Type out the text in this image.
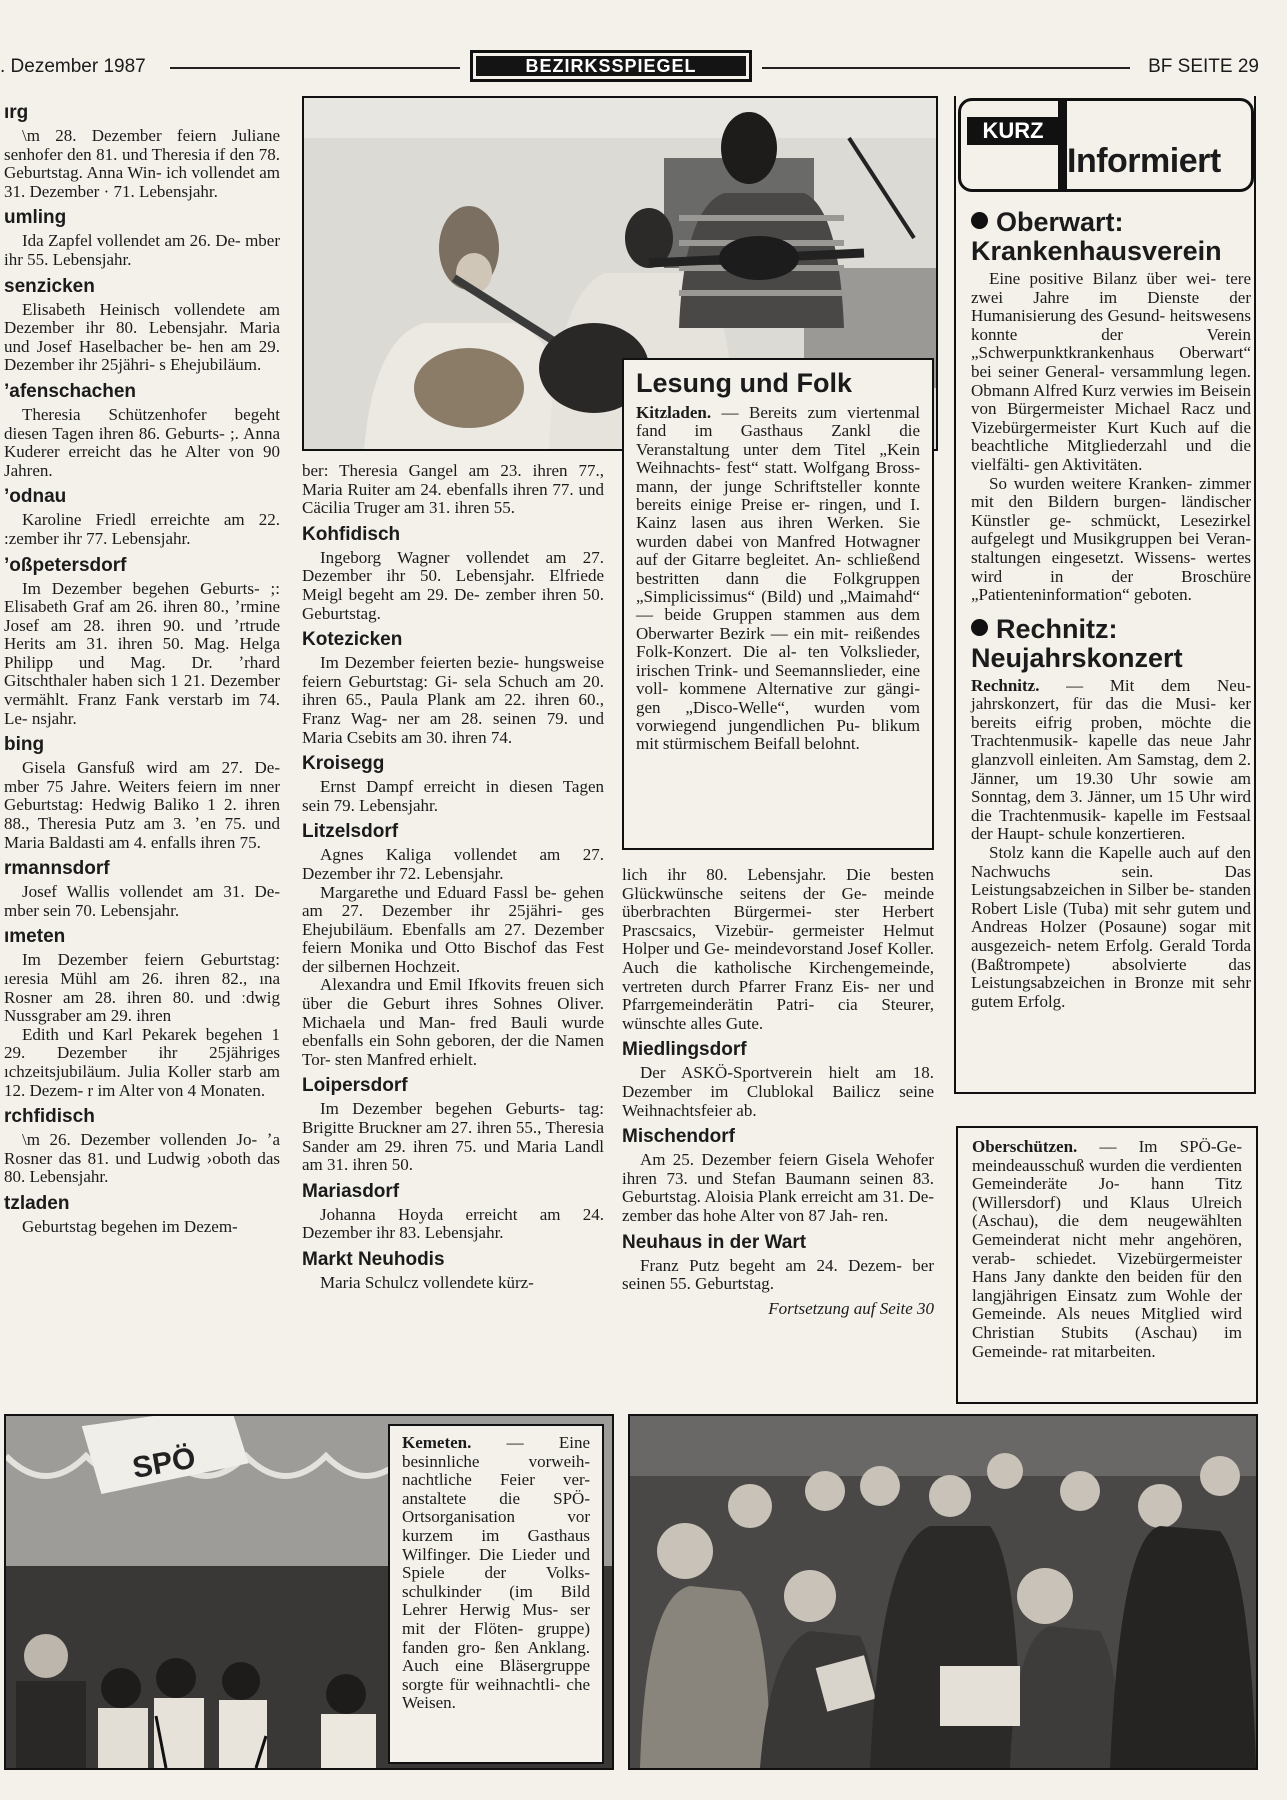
. Dezember 1987	BEZIRKSSPIEGEL	BF SEITE 29
ırg

\m 28. Dezember feiern Juliane senhofer den 81. und Theresia if den 78. Geburtstag. Anna Win- ich vollendet am 31. Dezember · 71. Lebensjahr.

umling

Ida Zapfel vollendet am 26. De- mber ihr 55. Lebensjahr.

senzicken

Elisabeth Heinisch vollendete am Dezember ihr 80. Lebensjahr. Maria und Josef Haselbacher be- hen am 29. Dezember ihr 25jähri- s Ehejubiläum.

ʼafenschachen

Theresia Schützenhofer begeht diesen Tagen ihren 86. Geburts- ;. Anna Kuderer erreicht das he Alter von 90 Jahren.

ʼodnau

Karoline Friedl erreichte am 22. :zember ihr 77. Lebensjahr.

ʼoßpetersdorf

Im Dezember begehen Geburts- ;: Elisabeth Graf am 26. ihren 80., ʼrmine Josef am 28. ihren 90. und ʼrtrude Herits am 31. ihren 50. Mag. Helga Philipp und Mag. Dr. ʼrhard Gitschthaler haben sich 1 21. Dezember vermählt. Franz Fank verstarb im 74. Le- nsjahr.

bing

Gisela Gansfuß wird am 27. De- mber 75 Jahre. Weiters feiern im nner Geburtstag: Hedwig Baliko 1 2. ihren 88., Theresia Putz am 3. ʼen 75. und Maria Baldasti am 4. enfalls ihren 75.

rmannsdorf

Josef Wallis vollendet am 31. De- mber sein 70. Lebensjahr.

ımeten

Im Dezember feiern Geburtstag: ıeresia Mühl am 26. ihren 82., ına Rosner am 28. ihren 80. und ːdwig Nussgraber am 29. ihren

Edith und Karl Pekarek begehen 1 29. Dezember ihr 25jähriges ıchzeitsjubiläum. Julia Koller starb am 12. Dezem- r im Alter von 4 Monaten.

rchfidisch

\m 26. Dezember vollenden Jo- ʼa Rosner das 81. und Ludwig ›oboth das 80. Lebensjahr.

tzladen

Geburtstag begehen im Dezem-

ber: Theresia Gangel am 23. ihren 77., Maria Ruiter am 24. ebenfalls ihren 77. und Cäcilia Truger am 31. ihren 55.

Kohfidisch

Ingeborg Wagner vollendet am 27. Dezember ihr 50. Lebensjahr. Elfriede Meigl begeht am 29. De- zember ihren 50. Geburtstag.

Kotezicken

Im Dezember feierten bezie- hungsweise feiern Geburtstag: Gi- sela Schuch am 20. ihren 65., Paula Plank am 22. ihren 60., Franz Wag- ner am 28. seinen 79. und Maria Csebits am 30. ihren 74.

Kroisegg

Ernst Dampf erreicht in diesen Tagen sein 79. Lebensjahr.

Litzelsdorf

Agnes Kaliga vollendet am 27. Dezember ihr 72. Lebensjahr.

Margarethe und Eduard Fassl be- gehen am 27. Dezember ihr 25jähri- ges Ehejubiläum. Ebenfalls am 27. Dezember feiern Monika und Otto Bischof das Fest der silbernen Hochzeit.

Alexandra und Emil Ifkovits freuen sich über die Geburt ihres Sohnes Oliver. Michaela und Man- fred Bauli wurde ebenfalls ein Sohn geboren, der die Namen Tor- sten Manfred erhielt.

Loipersdorf

Im Dezember begehen Geburts- tag: Brigitte Bruckner am 27. ihren 55., Theresia Sander am 29. ihren 75. und Maria Landl am 31. ihren 50.

Mariasdorf

Johanna Hoyda erreicht am 24. Dezember ihr 83. Lebensjahr.

Markt Neuhodis

Maria Schulcz vollendete kürz-

Lesung und Folk
Kitzladen. — Bereits zum viertenmal fand im Gasthaus Zankl die Veranstaltung unter dem Titel „Kein Weihnachts- fest“ statt. Wolfgang Bross- mann, der junge Schriftsteller konnte bereits einige Preise er- ringen, und I. Kainz lasen aus ihren Werken. Sie wurden dabei von Manfred Hotwagner auf der Gitarre begleitet. An- schließend bestritten dann die Folkgruppen „Simplicissimus“ (Bild) und „Maimahd“ — beide Gruppen stammen aus dem Oberwarter Bezirk — ein mit- reißendes Folk-Konzert. Die al- ten Volkslieder, irischen Trink- und Seemannslieder, eine voll- kommene Alternative zur gängi- gen „Disco-Welle“, wurden vom vorwiegend jungendlichen Pu- blikum mit stürmischem Beifall belohnt.

lich ihr 80. Lebensjahr. Die besten Glückwünsche seitens der Ge- meinde überbrachten Bürgermei- ster Herbert Prascsaics, Vizebür- germeister Helmut Holper und Ge- meindevorstand Josef Koller. Auch die katholische Kirchengemeinde, vertreten durch Pfarrer Franz Eis- ner und Pfarrgemeinderätin Patri- cia Steurer, wünschte alles Gute.

Miedlingsdorf

Der ASKÖ-Sportverein hielt am 18. Dezember im Clublokal Bailicz seine Weihnachtsfeier ab.

Mischendorf

Am 25. Dezember feiern Gisela Wehofer ihren 73. und Stefan Baumann seinen 83. Geburtstag. Aloisia Plank erreicht am 31. De- zember das hohe Alter von 87 Jah- ren.

Neuhaus in der Wart

Franz Putz begeht am 24. Dezem- ber seinen 55. Geburtstag.

Fortsetzung auf Seite 30

KURZ
Informiert
Oberwart:
Krankenhausverein

Eine positive Bilanz über wei- tere zwei Jahre im Dienste der Humanisierung des Gesund- heitswesens konnte der Verein „Schwerpunktkrankenhaus Oberwart“ bei seiner General- versammlung legen. Obmann Alfred Kurz verwies im Beisein von Bürgermeister Michael Racz und Vizebürgermeister Kurt Kuch auf die beachtliche Mitgliederzahl und die vielfälti- gen Aktivitäten.

So wurden weitere Kranken- zimmer mit den Bildern burgen- ländischer Künstler ge- schmückt, Lesezirkel aufgelegt und Musikgruppen bei Veran- staltungen eingesetzt. Wissens- wertes wird in der Broschüre „Patienteninformation“ geboten.

Rechnitz:
Neujahrskonzert

Rechnitz. — Mit dem Neu- jahrskonzert, für das die Musi- ker bereits eifrig proben, möchte die Trachtenmusik- kapelle das neue Jahr glanzvoll einleiten. Am Samstag, dem 2. Jänner, um 19.30 Uhr sowie am Sonntag, dem 3. Jänner, um 15 Uhr wird die Trachtenmusik- kapelle im Festsaal der Haupt- schule konzertieren.

Stolz kann die Kapelle auch auf den Nachwuchs sein. Das Leistungsabzeichen in Silber be- standen Robert Lisle (Tuba) mit sehr gutem und Andreas Holzer (Posaune) sogar mit ausgezeich- netem Erfolg. Gerald Torda (Baßtrompete) absolvierte das Leistungsabzeichen in Bronze mit sehr gutem Erfolg.

Oberschützen. — Im SPÖ-Ge- meindeausschuß wurden die verdienten Gemeinderäte Jo- hann Titz (Willersdorf) und Klaus Ulreich (Aschau), die dem neugewählten Gemeinderat nicht mehr angehören, verab- schiedet. Vizebürgermeister Hans Jany dankte den beiden für den langjährigen Einsatz zum Wohle der Gemeinde. Als neues Mitglied wird Christian Stubits (Aschau) im Gemeinde- rat mitarbeiten.
SPÖ	Kemeten. — Eine besinnliche vorweih- nachtliche Feier ver- anstaltete die SPÖ- Ortsorganisation vor kurzem im Gasthaus Wilfinger. Die Lieder und Spiele der Volks- schulkinder (im Bild Lehrer Herwig Mus- ser mit der Flöten- gruppe) fanden gro- ßen Anklang. Auch eine Bläsergruppe sorgte für weihnachtli- che Weisen.
